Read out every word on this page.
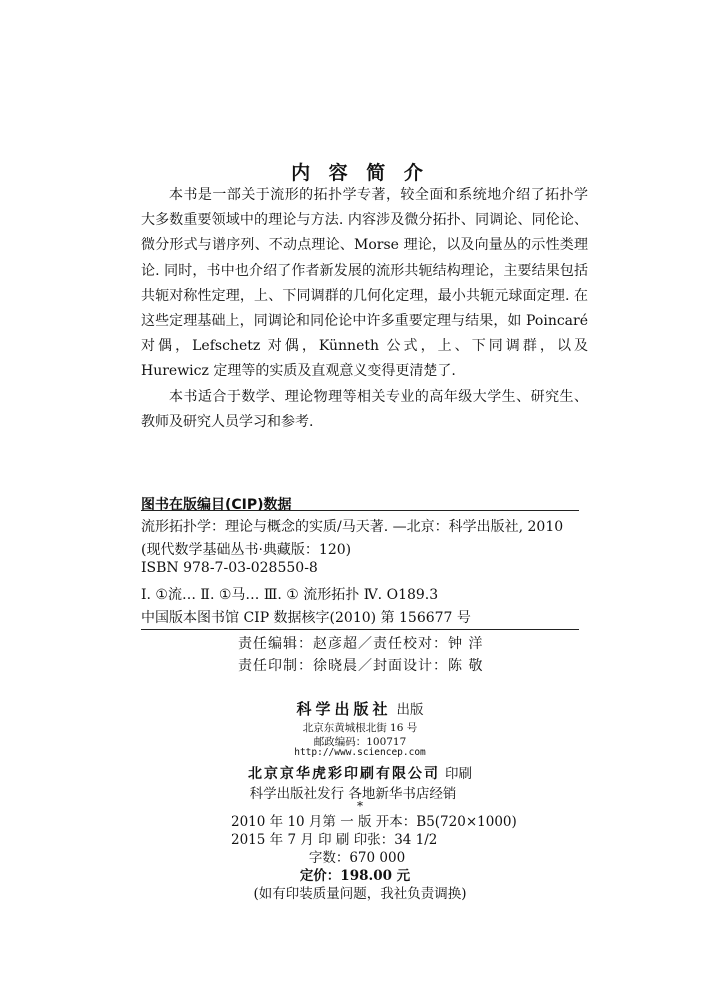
内 容 简 介

本书是一部关于流形的拓扑学专著，较全面和系统地介绍了拓扑学大多数重要领域中的理论与方法. 内容涉及微分拓扑、同调论、同伦论、微分形式与谱序列、不动点理论、Morse 理论，以及向量丛的示性类理论. 同时，书中也介绍了作者新发展的流形共轭结构理论，主要结果包括共轭对称性定理，上、下同调群的几何化定理，最小共轭元球面定理. 在这些定理基础上，同调论和同伦论中许多重要定理与结果，如 Poincaré 对偶，Lefschetz 对偶，Künneth 公式，上、下同调群，以及 Hurewicz 定理等的实质及直观意义变得更清楚了.

本书适合于数学、理论物理等相关专业的高年级大学生、研究生、教师及研究人员学习和参考.

图书在版编目(CIP)数据
流形拓扑学：理论与概念的实质/马天著. —北京：科学出版社, 2010
(现代数学基础丛书·典藏版：120)
ISBN 978-7-03-028550-8
Ⅰ. ①流… Ⅱ. ①马… Ⅲ. ① 流形拓扑 Ⅳ. O189.3
中国版本图书馆 CIP 数据核字(2010) 第 156677 号
责任编辑：赵彦超／责任校对：钟 洋
责任印制：徐晓晨／封面设计：陈 敬
科学出版社 出版
北京东黄城根北街 16 号
邮政编码：100717
http://www.sciencep.com
北京京华虎彩印刷有限公司 印刷
科学出版社发行 各地新华书店经销
*
2010 年 10 月第 一 版 开本：B5(720×1000)
2015 年 7 月 印 刷 印张：34 1/2
字数：670 000
定价：198.00 元
(如有印装质量问题，我社负责调换)
